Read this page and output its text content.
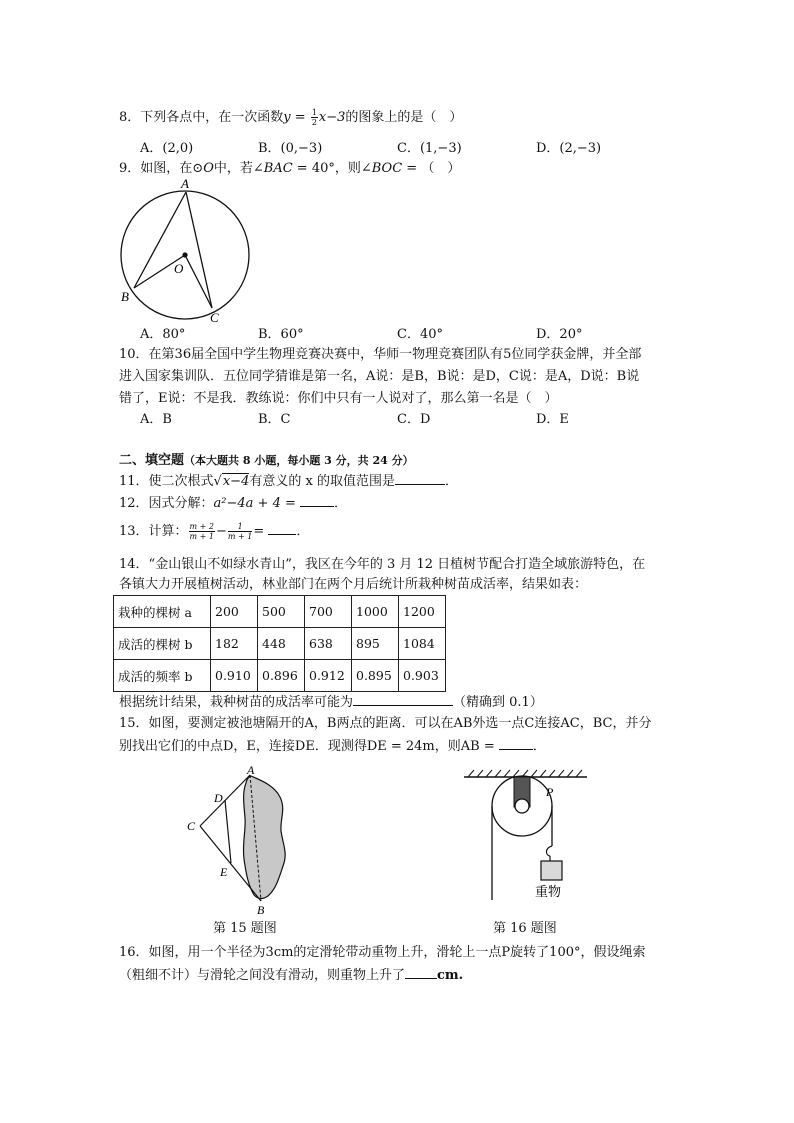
8．下列各点中，在一次函数$y = \frac{1}{2} x-3$的图象上的是（　）
A．(2,0)	B．(0,−3)	C．(1,−3)	D．(2,−3)
9．如图，在⊙O中，若∠BAC = 40°，则∠BOC = （　）
A
B
C
O
A．80°	B．60°	C．40°	D．20°
10．在第36届全国中学生物理竞赛决赛中，华师一物理竞赛团队有5位同学获金牌，并全部
进入国家集训队．五位同学猜谁是第一名，A说：是B，B说：是D，C说：是A，D说：B说
错了，E说：不是我．教练说：你们中只有一人说对了，那么第一名是（　）
A．B	B．C	C．D	D．E
二、填空题（本大题共 8 小题，每小题 3 分，共 24 分）
11．使二次根式√x−4有意义的 x 的取值范围是	．
12．因式分解：a²−4a + 4 =	．
13．计算： $\frac{m + 2}{m + 1} - \frac{1}{m + 1}$ = ．
14．“金山银山不如绿水青山”，我区在今年的 3 月 12 日植树节配合打造全域旅游特色，在
各镇大力开展植树活动，林业部门在两个月后统计所栽种树苗成活率，结果如表：
栽种的棵树 a	200	500	700	1000	1200
成活的棵树 b	182	448	638	895	1084
成活的频率 b	0.910	0.896	0.912	0.895	0.903
根据统计结果，栽种树苗的成活率可能为	（精确到 0.1）
15．如图，要测定被池塘隔开的A，B两点的距离．可以在AB外选一点C连接AC，BC，并分
别找出它们的中点D，E，连接DE．现测得DE = 24m，则AB =	．
A
B
C
D
E
第 15 题图
P
重物
第 16 题图
16．如图，用一个半径为3cm的定滑轮带动重物上升，滑轮上一点P旋转了100°，假设绳索
（粗细不计）与滑轮之间没有滑动，则重物上升了 cm.
